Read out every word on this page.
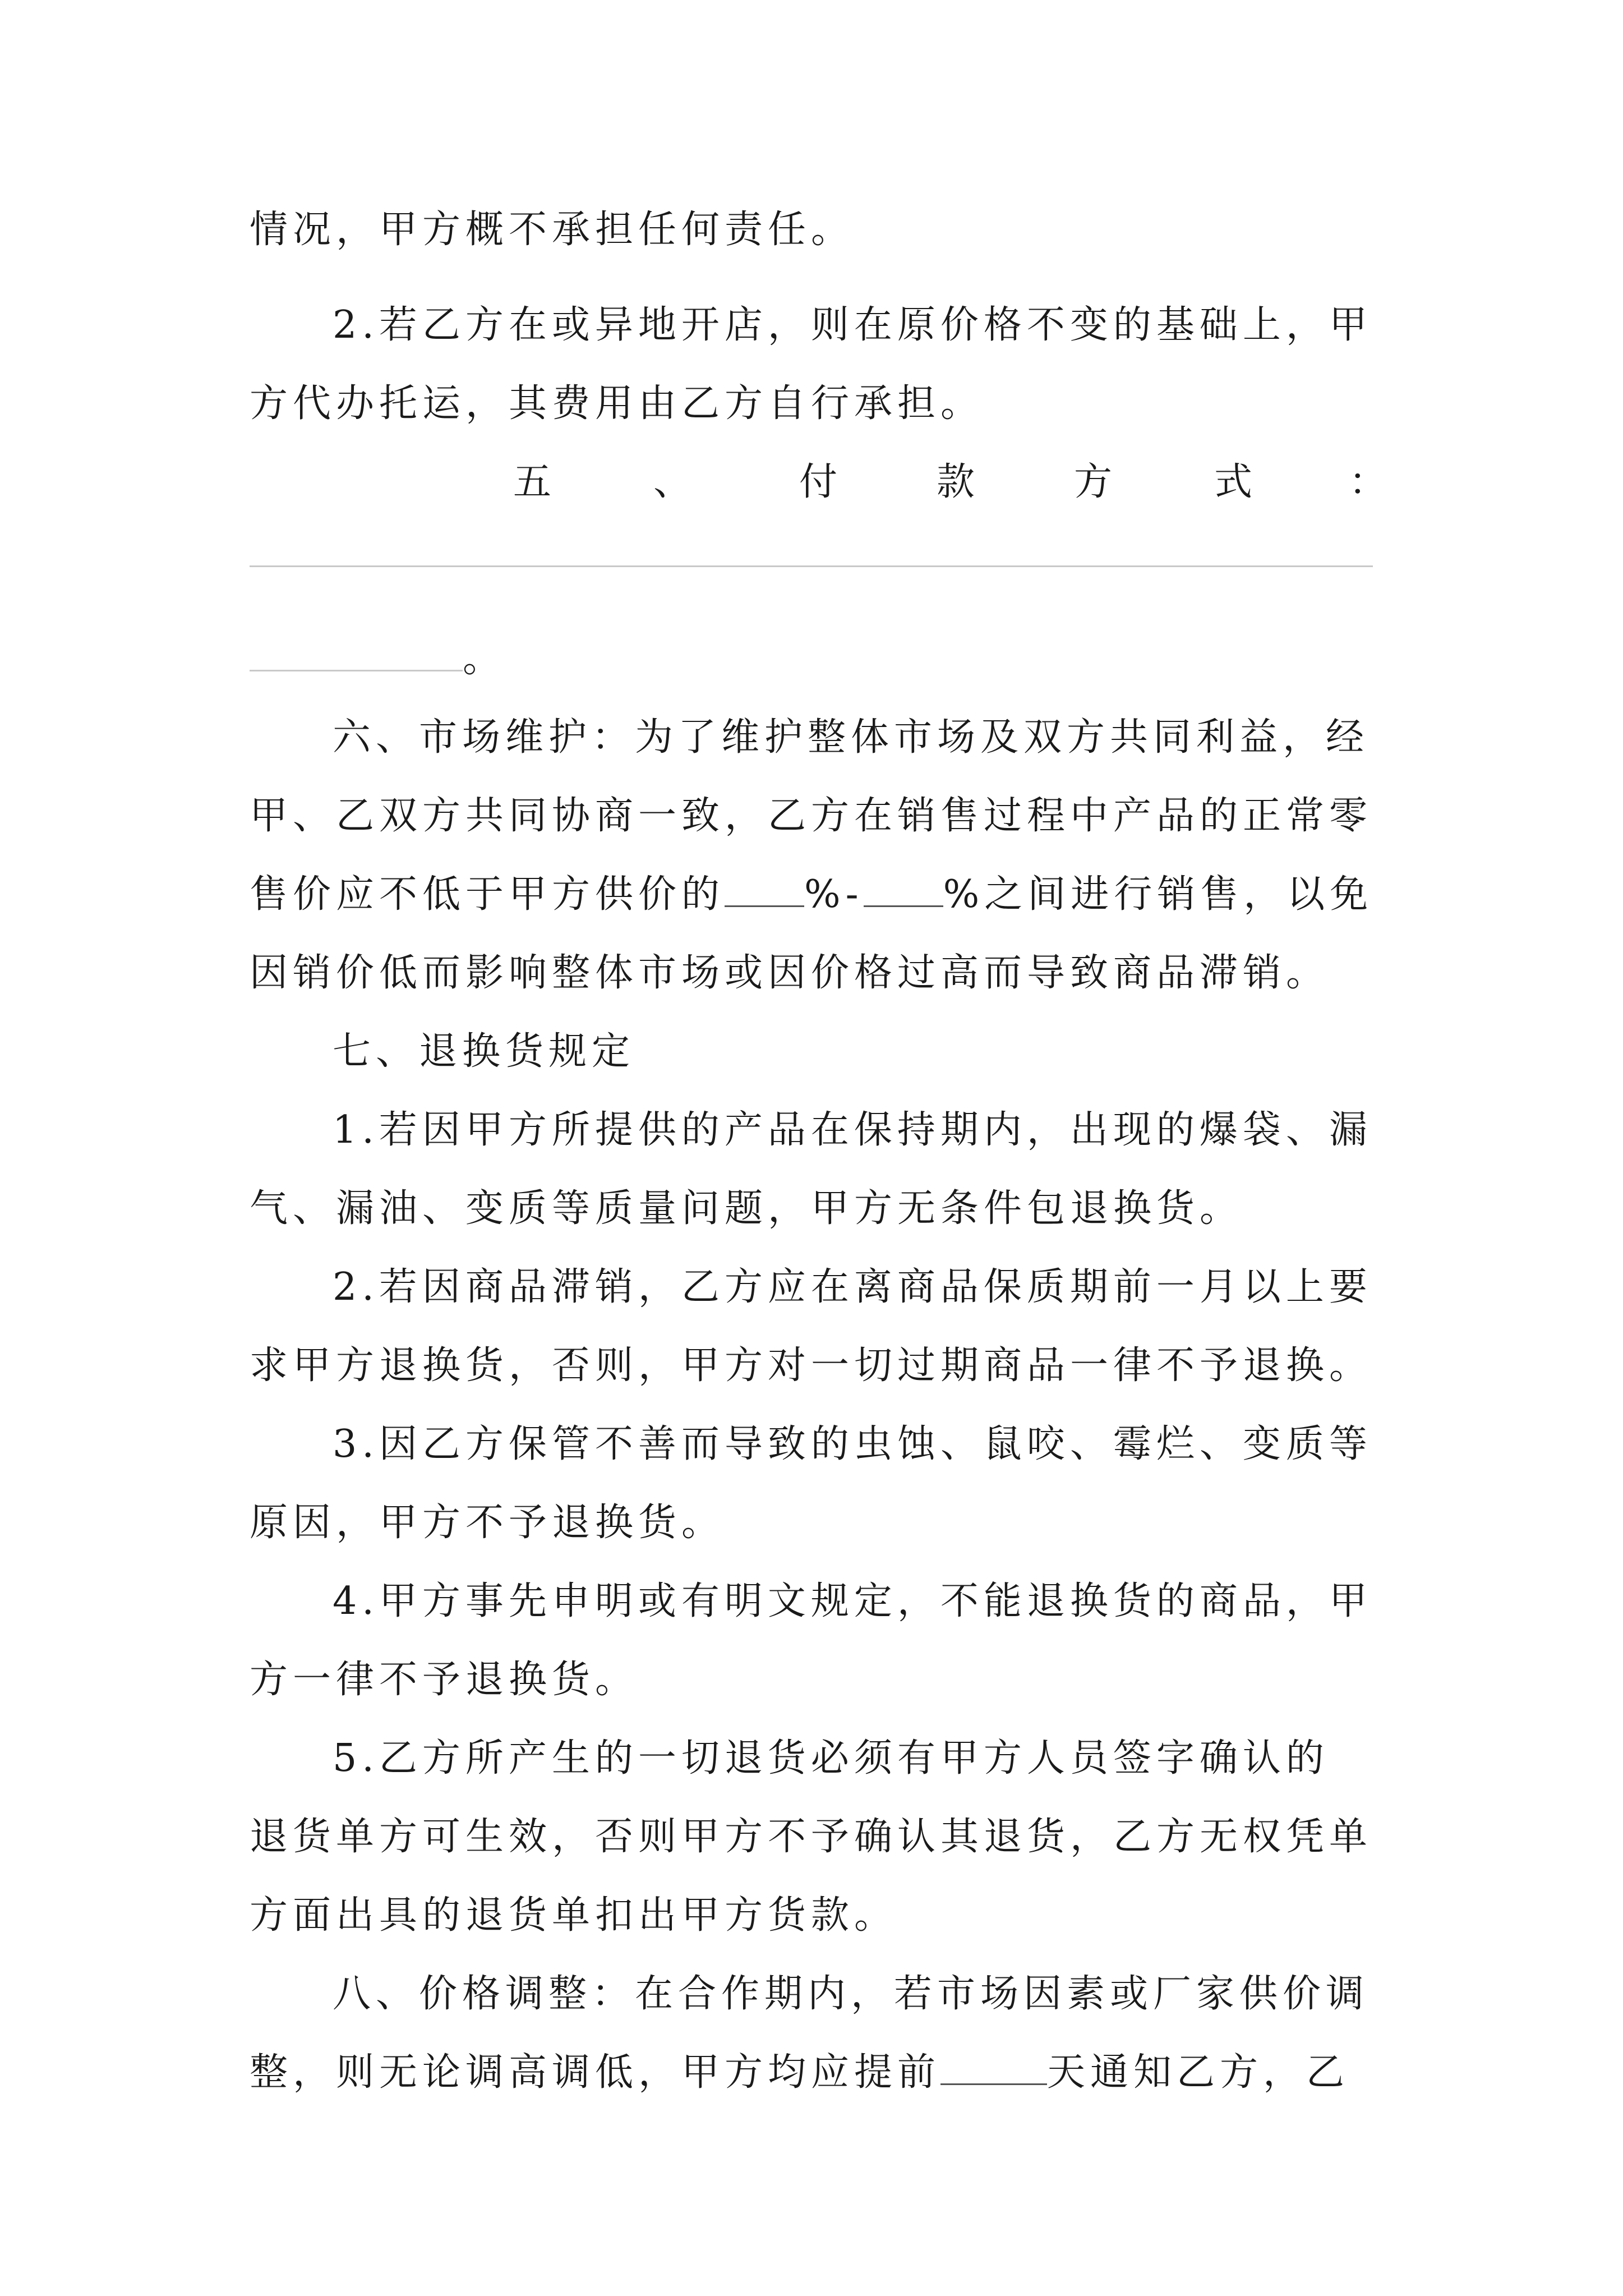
情况，甲方概不承担任何责任。
2.若乙方在或异地开店，则在原价格不变的基础上，甲
方代办托运，其费用由乙方自行承担。
五	、	付	款	方	式	：
。
六、市场维护：为了维护整体市场及双方共同利益，经
甲、乙双方共同协商一致，乙方在销售过程中产品的正常零
售价应不低于甲方供价的 %- %之间进行销售，以免
因销价低而影响整体市场或因价格过高而导致商品滞销。
七、退换货规定
1.若因甲方所提供的产品在保持期内，出现的爆袋、漏
气、漏油、变质等质量问题，甲方无条件包退换货。
2.若因商品滞销，乙方应在离商品保质期前一月以上要
求甲方退换货，否则，甲方对一切过期商品一律不予退换。
3.因乙方保管不善而导致的虫蚀、鼠咬、霉烂、变质等
原因，甲方不予退换货。
4.甲方事先申明或有明文规定，不能退换货的商品，甲
方一律不予退换货。
5.乙方所产生的一切退货必须有甲方人员签字确认的
退货单方可生效，否则甲方不予确认其退货，乙方无权凭单
方面出具的退货单扣出甲方货款。
八、价格调整：在合作期内，若市场因素或厂家供价调
整，则无论调高调低，甲方均应提前	天通知乙方，乙
